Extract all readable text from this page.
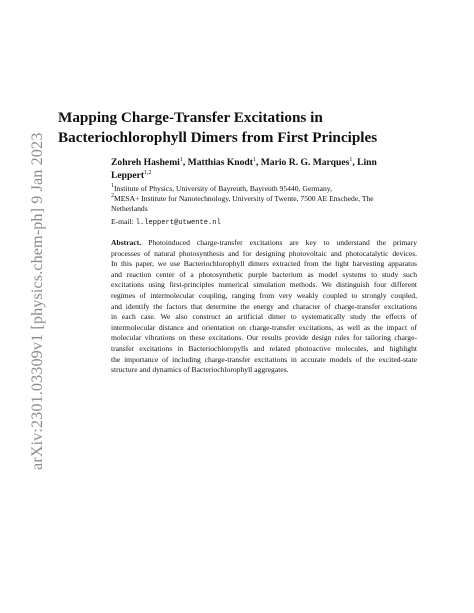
arXiv:2301.03309v1 [physics.chem-ph] 9 Jan 2023
Mapping Charge-Transfer Excitations in
Bacteriochlorophyll Dimers from First Principles
Zohreh Hashemi$^1$, Matthias Knodt$^1$, Mario R. G. Marques$^1$, Linn
Leppert$^{1,2}$
$^1$Institute of Physics, University of Bayreuth, Bayreuth 95440, Germany,
$^2$MESA+ Institute for Nanotechnology, University of Twente, 7500 AE Enschede, The Netherlands
E-mail: l.leppert@utwente.nl
Abstract. Photoinduced charge-transfer excitations are key to understand the primary
processes of natural photosynthesis and for designing photovoltaic and photocatalytic devices.
In this paper, we use Bacteriochlorophyll dimers extracted from the light harvesting apparatus
and reaction center of a photosynthetic purple bacterium as model systems to study such
excitations using first-principles numerical simulation methods. We distinguish four different
regimes of intermolecular coupling, ranging from very weakly coupled to strongly coupled,
and identify the factors that determine the energy and character of charge-transfer excitations
in each case. We also construct an artificial dimer to systematically study the effects of
intermolecular distance and orientation on charge-transfer excitations, as well as the impact of
molecular vibrations on these excitations. Our results provide design rules for tailoring charge-
transfer excitations in Bacteriochloropylls and related photoactive molecules, and highlight
the importance of including charge-transfer excitations in accurate models of the excited-state
structure and dynamics of Bacteriochlorophyll aggregates.
